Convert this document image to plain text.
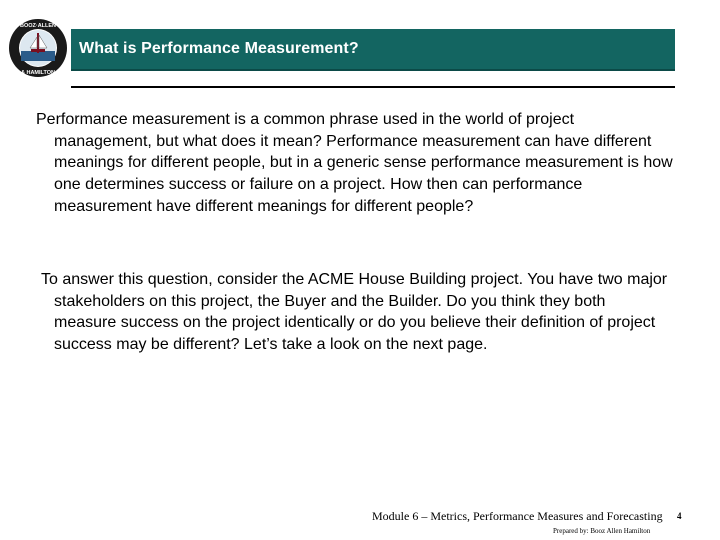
BOOZ·ALLEN
& HAMILTON
What is Performance Measurement?

Performance measurement is a common phrase used in the world of project management, but what does it mean? Performance measurement can have different meanings for different people, but in a generic sense performance measurement is how one determines success or failure on a project. How then can performance measurement have different meanings for different people?

To answer this question, consider the ACME House Building project. You have two major stakeholders on this project, the Buyer and the Builder. Do you think they both measure success on the project identically or do you believe their definition of project success may be different? Let’s take a look on the next page.

Module 6 – Metrics, Performance Measures and Forecasting
Prepared by: Booz Allen Hamilton
4
